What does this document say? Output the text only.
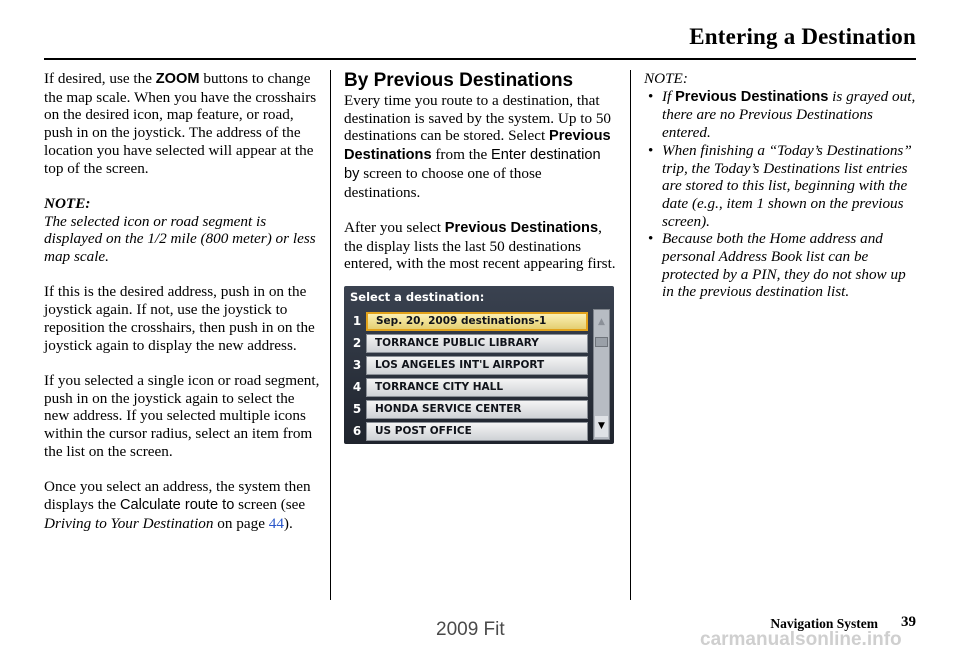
Entering a Destination

If desired, use the ZOOM buttons to change the map scale. When you have the crosshairs on the desired icon, map feature, or road, push in on the joystick. The address of the location you have selected will appear at the top of the screen.

NOTE:

The selected icon or road segment is displayed on the 1/2 mile (800 meter) or less map scale.

If this is the desired address, push in on the joystick again. If not, use the joystick to reposition the crosshairs, then push in on the joystick again to display the new address.

If you selected a single icon or road segment, push in on the joystick again to select the new address. If you selected multiple icons within the cursor radius, select an item from the list on the screen.

Once you select an address, the system then displays the Calculate route to screen (see Driving to Your Destination on page 44).

By Previous Destinations

Every time you route to a destination, that destination is saved by the system. Up to 50 destinations can be stored. Select Previous Destinations from the Enter destination by screen to choose one of those destinations.

After you select Previous Destinations, the display lists the last 50 destinations entered, with the most recent appearing first.

Select a destination:
1	Sep. 20, 2009 destinations-1
2	TORRANCE PUBLIC LIBRARY
3	LOS ANGELES INT'L AIRPORT
4	TORRANCE CITY HALL
5	HONDA SERVICE CENTER
6	US POST OFFICE
▲
▼

NOTE:

• If Previous Destinations is grayed out, there are no Previous Destinations entered.
• When finishing a “Today’s Destinations” trip, the Today’s Destinations list entries are stored to this list, beginning with the date (e.g., item 1 shown on the previous screen).
• Because both the Home address and personal Address Book list can be protected by a PIN, they do not show up in the previous destination list.
Navigation System 39
2009 Fit	carmanualsonline.info
